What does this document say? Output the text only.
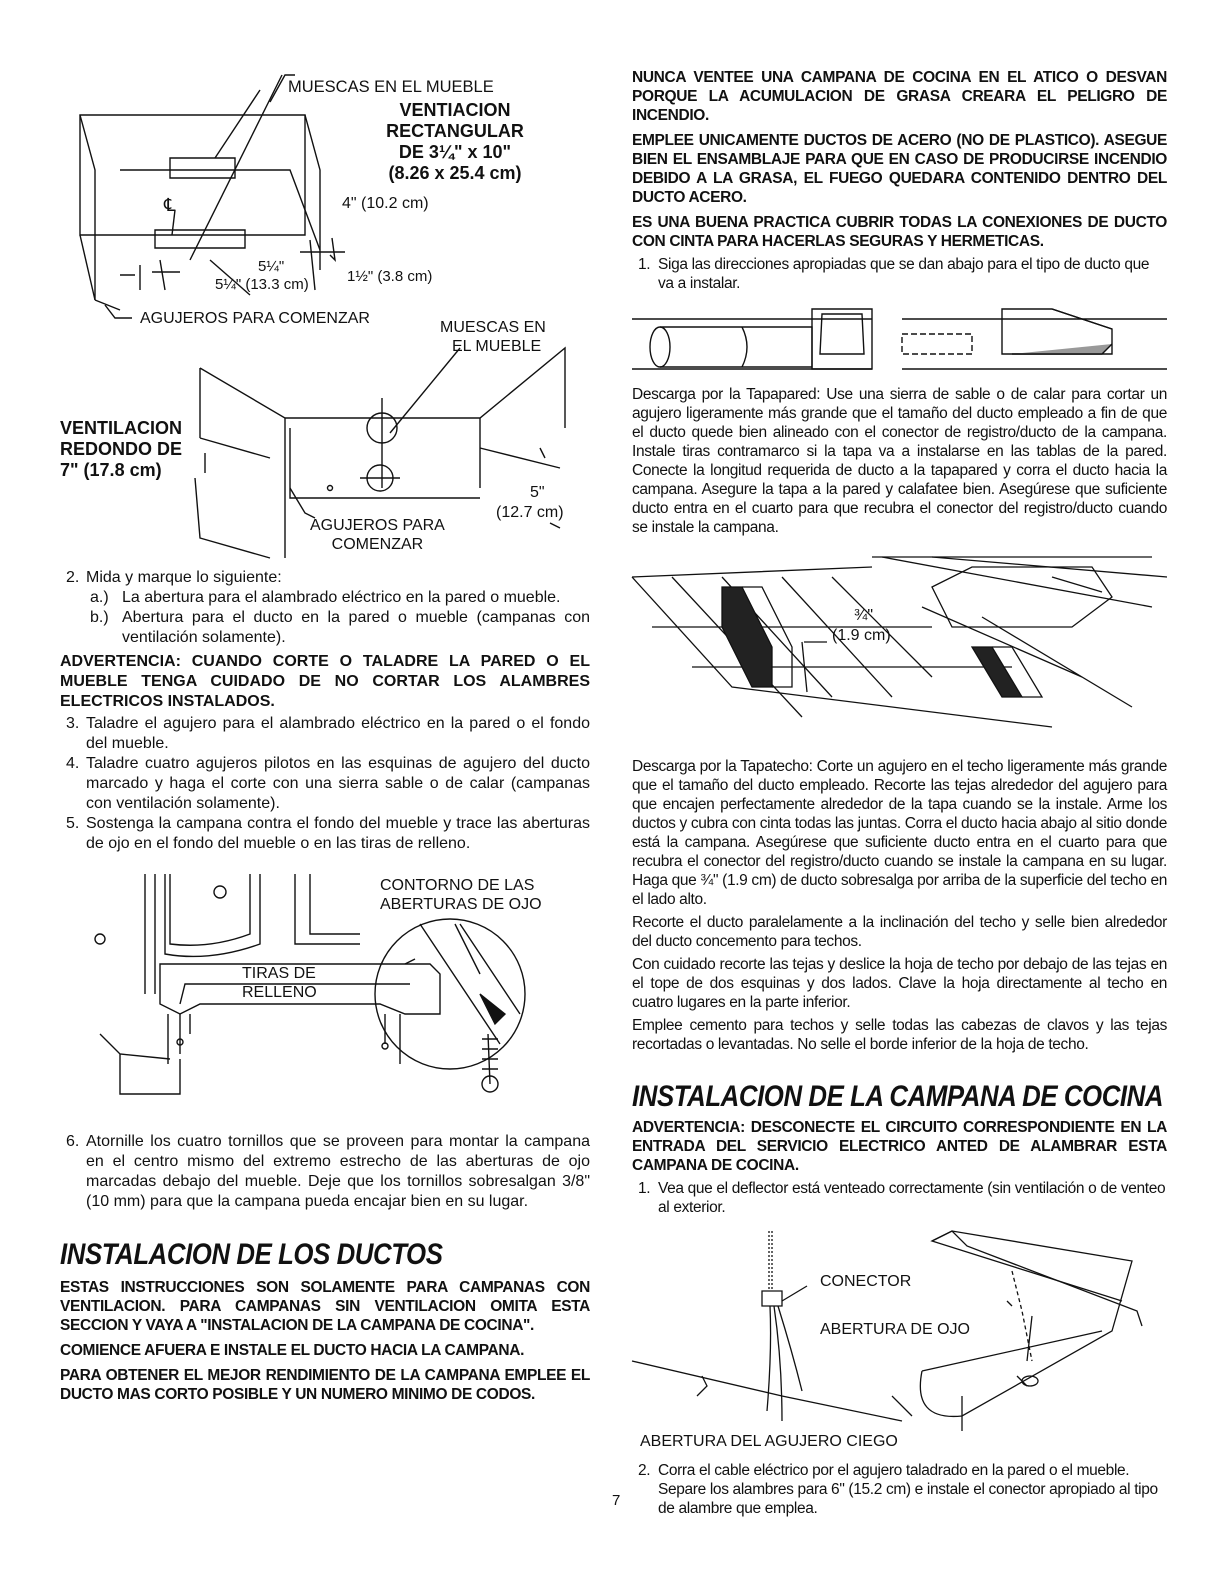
MUESCAS EN EL MUEBLE
VENTIACION
RECTANGULAR
DE 3¼" x 10"
(8.26 x 25.4 cm)
℄	4" (10.2 cm)
5¼"
5¼" (13.3 cm)	1½" (3.8 cm)
AGUJEROS PARA COMENZAR
MUESCAS EN
EL MUEBLE
VENTILACION
REDONDO DE
7" (17.8 cm)
5"
(12.7 cm)
AGUJEROS PARA
COMENZAR

2. Mida y marque lo siguiente:

a.) La abertura para el alambrado eléctrico en la pared o mueble.

b.) Abertura para el ducto en la pared o mueble (campanas con ventilación solamente).

ADVERTENCIA: CUANDO CORTE O TALADRE LA PARED O EL MUEBLE TENGA CUIDADO DE NO CORTAR LOS ALAMBRES ELECTRICOS INSTALADOS.

3. Taladre el agujero para el alambrado eléctrico en la pared o el fondo del mueble.

4. Taladre cuatro agujeros pilotos en las esquinas de agujero del ducto marcado y haga el corte con una sierra sable o de calar (campanas con ventilación solamente).

5. Sostenga la campana contra el fondo del mueble y trace las aberturas de ojo en el fondo del mueble o en las tiras de relleno.

CONTORNO DE LAS
ABERTURAS DE OJO
TIRAS DE
RELLENO

6. Atornille los cuatro tornillos que se proveen para montar la campana en el centro mismo del extremo estrecho de las aberturas de ojo marcadas debajo del mueble. Deje que los tornillos sobresalgan 3/8" (10 mm) para que la campana pueda encajar bien en su lugar.

INSTALACION DE LOS DUCTOS

ESTAS INSTRUCCIONES SON SOLAMENTE PARA CAMPANAS CON VENTILACION. PARA CAMPANAS SIN VENTILACION OMITA ESTA SECCION Y VAYA A "INSTALACION DE LA CAMPANA DE COCINA".

COMIENCE AFUERA E INSTALE EL DUCTO HACIA LA CAMPANA.

PARA OBTENER EL MEJOR RENDIMIENTO DE LA CAMPANA EMPLEE EL DUCTO MAS CORTO POSIBLE Y UN NUMERO MINIMO DE CODOS.

NUNCA VENTEE UNA CAMPANA DE COCINA EN EL ATICO O DESVAN PORQUE LA ACUMULACION DE GRASA CREARA EL PELIGRO DE INCENDIO.

EMPLEE UNICAMENTE DUCTOS DE ACERO (NO DE PLASTICO). ASEGUE BIEN EL ENSAMBLAJE PARA QUE EN CASO DE PRODUCIRSE INCENDIO DEBIDO A LA GRASA, EL FUEGO QUEDARA CONTENIDO DENTRO DEL DUCTO ACERO.

ES UNA BUENA PRACTICA CUBRIR TODAS LA CONEXIONES DE DUCTO CON CINTA PARA HACERLAS SEGURAS Y HERMETICAS.

1. Siga las direcciones apropiadas que se dan abajo para el tipo de ducto que va a instalar.

Descarga por la Tapapared: Use una sierra de sable o de calar para cortar un agujero ligeramente más grande que el tamaño del ducto empleado a fin de que el ducto quede bien alineado con el conector de registro/ducto de la campana. Instale tiras contramarco si la tapa va a instalarse en las tablas de la pared. Conecte la longitud requerida de ducto a la tapapared y corra el ducto hacia la campana. Asegure la tapa a la pared y calafatee bien. Asegúrese que suficiente ducto entra en el cuarto para que recubra el conector del registro/ducto cuando se instale la campana.

¾"
(1.9 cm)

Descarga por la Tapatecho: Corte un agujero en el techo ligeramente más grande que el tamaño del ducto empleado. Recorte las tejas alrededor del agujero para que encajen perfectamente alrededor de la tapa cuando se la instale. Arme los ductos y cubra con cinta todas las juntas. Corra el ducto hacia abajo al sitio donde está la campana. Asegúrese que suficiente ducto entra en el cuarto para que recubra el conector del registro/ducto cuando se instale la campana en su lugar. Haga que ¾" (1.9 cm) de ducto sobresalga por arriba de la superficie del techo en el lado alto.

Recorte el ducto paralelamente a la inclinación del techo y selle bien alrededor del ducto concemento para techos.

Con cuidado recorte las tejas y deslice la hoja de techo por debajo de las tejas en el tope de dos esquinas y dos lados. Clave la hoja directamente al techo en cuatro lugares en la parte inferior.

Emplee cemento para techos y selle todas las cabezas de clavos y las tejas recortadas o levantadas. No selle el borde inferior de la hoja de techo.

INSTALACION DE LA CAMPANA DE COCINA

ADVERTENCIA: DESCONECTE EL CIRCUITO CORRESPONDIENTE EN LA ENTRADA DEL SERVICIO ELECTRICO ANTED DE ALAMBRAR ESTA CAMPANA DE COCINA.

1. Vea que el deflector está venteado correctamente (sin ventilación o de venteo al exterior.

CONECTOR
ABERTURA DE OJO
ABERTURA DEL AGUJERO CIEGO

2. Corra el cable eléctrico por el agujero taladrado en la pared o el mueble. Separe los alambres para 6" (15.2 cm) e instale el conector apropiado al tipo de alambre que emplea.

7
